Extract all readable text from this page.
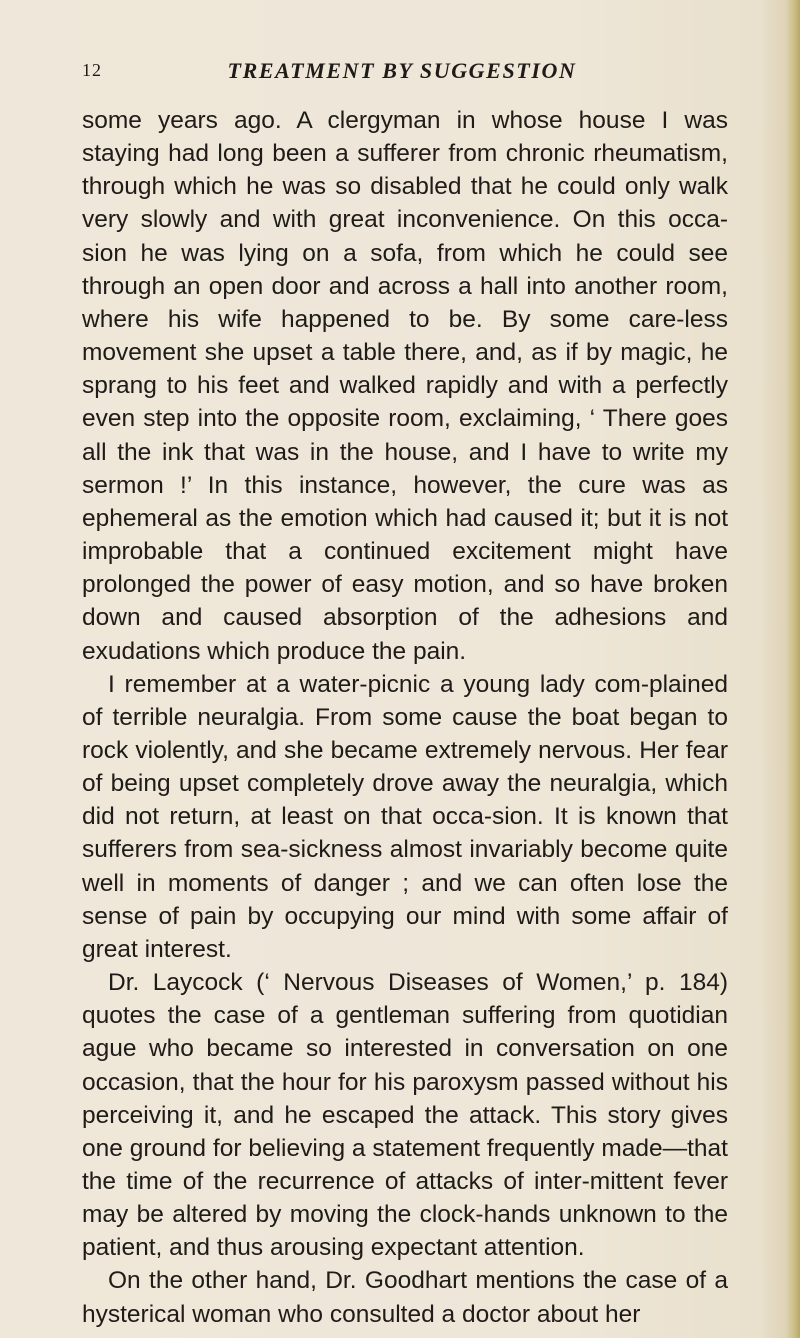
12	TREATMENT BY SUGGESTION

some years ago. A clergyman in whose house I was staying had long been a sufferer from chronic rheumatism, through which he was so disabled that he could only walk very slowly and with great inconvenience. On this occa-sion he was lying on a sofa, from which he could see through an open door and across a hall into another room, where his wife happened to be. By some care-less movement she upset a table there, and, as if by magic, he sprang to his feet and walked rapidly and with a perfectly even step into the opposite room, exclaiming, ‘ There goes all the ink that was in the house, and I have to write my sermon !’ In this instance, however, the cure was as ephemeral as the emotion which had caused it; but it is not improbable that a continued excitement might have prolonged the power of easy motion, and so have broken down and caused absorption of the adhesions and exudations which produce the pain.

I remember at a water-picnic a young lady com-plained of terrible neuralgia. From some cause the boat began to rock violently, and she became extremely nervous. Her fear of being upset completely drove away the neuralgia, which did not return, at least on that occa-sion. It is known that sufferers from sea-sickness almost invariably become quite well in moments of danger ; and we can often lose the sense of pain by occupying our mind with some affair of great interest.

Dr. Laycock (‘ Nervous Diseases of Women,’ p. 184) quotes the case of a gentleman suffering from quotidian ague who became so interested in conversation on one occasion, that the hour for his paroxysm passed without his perceiving it, and he escaped the attack. This story gives one ground for believing a statement frequently made—that the time of the recurrence of attacks of inter-mittent fever may be altered by moving the clock-hands unknown to the patient, and thus arousing expectant attention.

On the other hand, Dr. Goodhart mentions the case of a hysterical woman who consulted a doctor about her
